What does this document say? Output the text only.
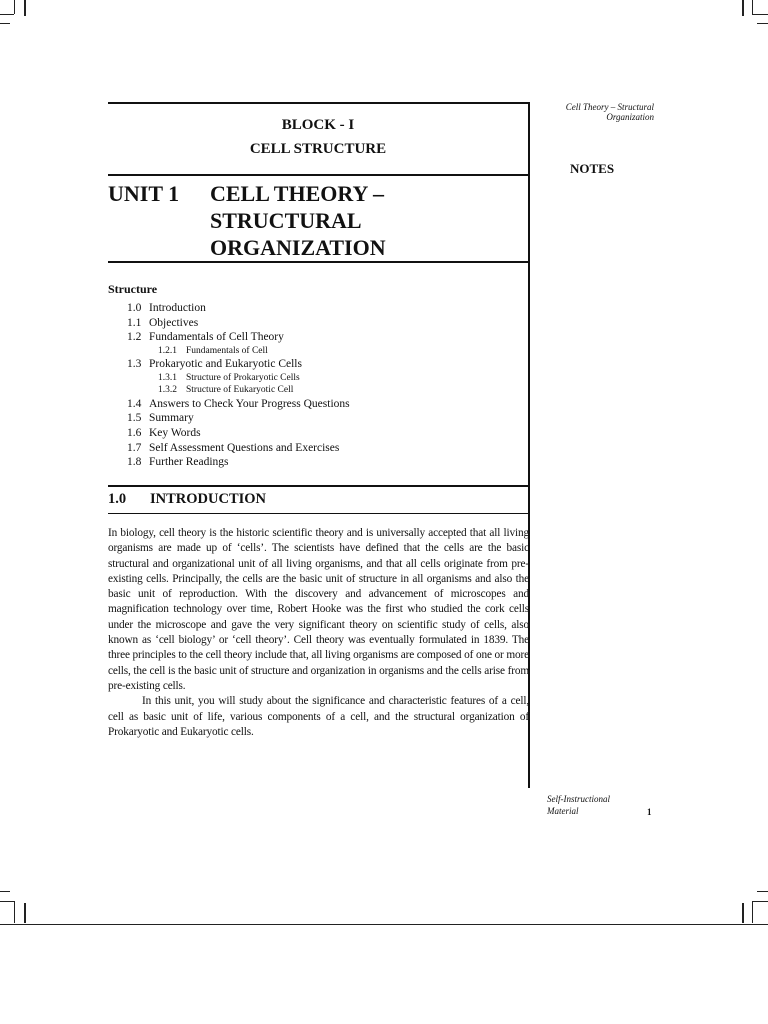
Cell Theory – Structural
Organization
BLOCK - I
CELL STRUCTURE
UNIT 1	CELL THEORY –
STRUCTURAL
ORGANIZATION
NOTES
Structure
1.0 Introduction
1.1 Objectives
1.2 Fundamentals of Cell Theory
1.2.1 Fundamentals of Cell
1.3 Prokaryotic and Eukaryotic Cells
1.3.1 Structure of Prokaryotic Cells
1.3.2 Structure of Eukaryotic Cell
1.4 Answers to Check Your Progress Questions
1.5 Summary
1.6 Key Words
1.7 Self Assessment Questions and Exercises
1.8 Further Readings
1.0 INTRODUCTION

In biology, cell theory is the historic scientific theory and is universally accepted that all living organisms are made up of ‘cells’. The scientists have defined that the cells are the basic structural and organizational unit of all living organisms, and that all cells originate from pre-existing cells. Principally, the cells are the basic unit of structure in all organisms and also the basic unit of reproduction. With the discovery and advancement of microscopes and magnification technology over time, Robert Hooke was the first who studied the cork cells under the microscope and gave the very significant theory on scientific study of cells, also known as ‘cell biology’ or ‘cell theory’. Cell theory was eventually formulated in 1839. The three principles to the cell theory include that, all living organisms are composed of one or more cells, the cell is the basic unit of structure and organization in organisms and the cells arise from pre-existing cells.

In this unit, you will study about the significance and characteristic features of a cell, cell as basic unit of life, various components of a cell, and the structural organization of Prokaryotic and Eukaryotic cells.

Self-Instructional
Material	1
